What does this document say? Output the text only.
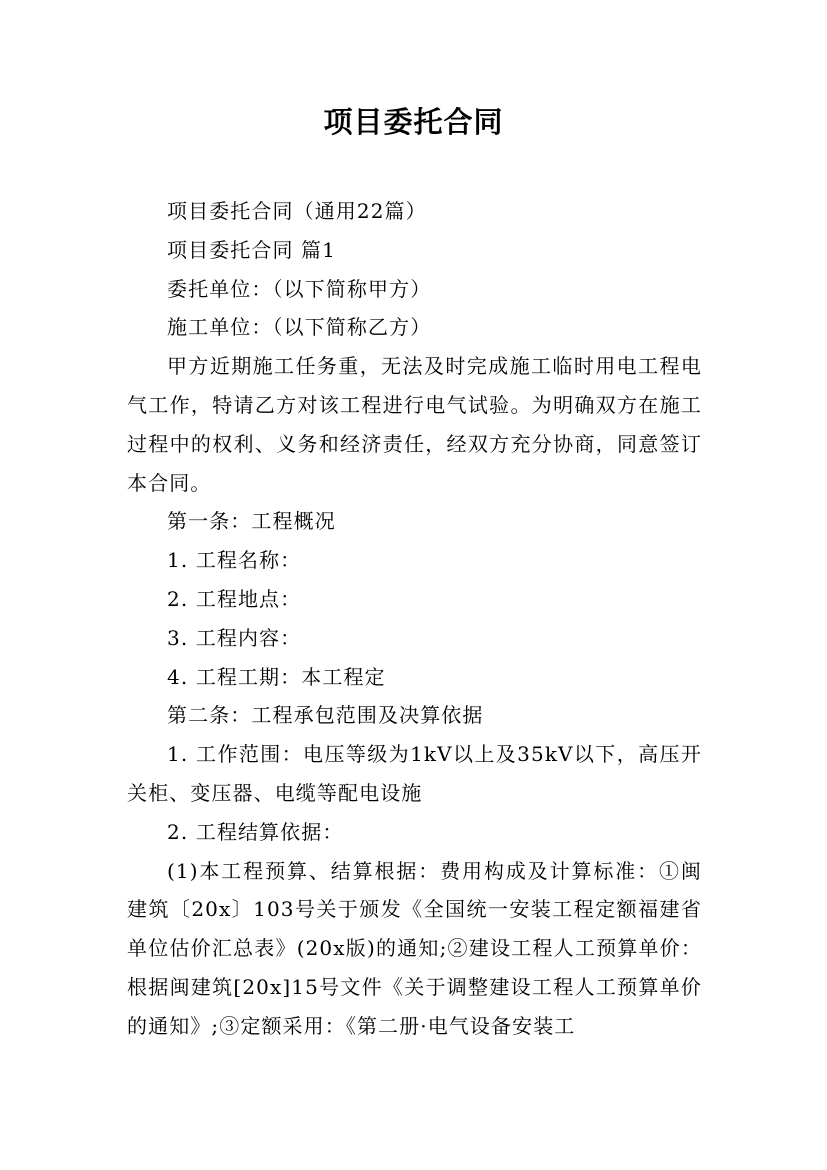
项目委托合同

项目委托合同（通用22篇）

项目委托合同 篇1

委托单位：（以下简称甲方）

施工单位：（以下简称乙方）

甲方近期施工任务重，无法及时完成施工临时用电工程电气工作，特请乙方对该工程进行电气试验。为明确双方在施工过程中的权利、义务和经济责任，经双方充分协商，同意签订本合同。

第一条：工程概况

1. 工程名称：

2. 工程地点：

3. 工程内容：

4. 工程工期：本工程定

第二条：工程承包范围及决算依据

1. 工作范围：电压等级为1kV以上及35kV以下，高压开关柜、变压器、电缆等配电设施

2. 工程结算依据：

(1)本工程预算、结算根据：费用构成及计算标准：①闽建筑〔20x〕103号关于颁发《全国统一安装工程定额福建省单位估价汇总表》(20x版)的通知;②建设工程人工预算单价：根据闽建筑[20x]15号文件《关于调整建设工程人工预算单价的通知》;③定额采用：《第二册·电气设备安装工
